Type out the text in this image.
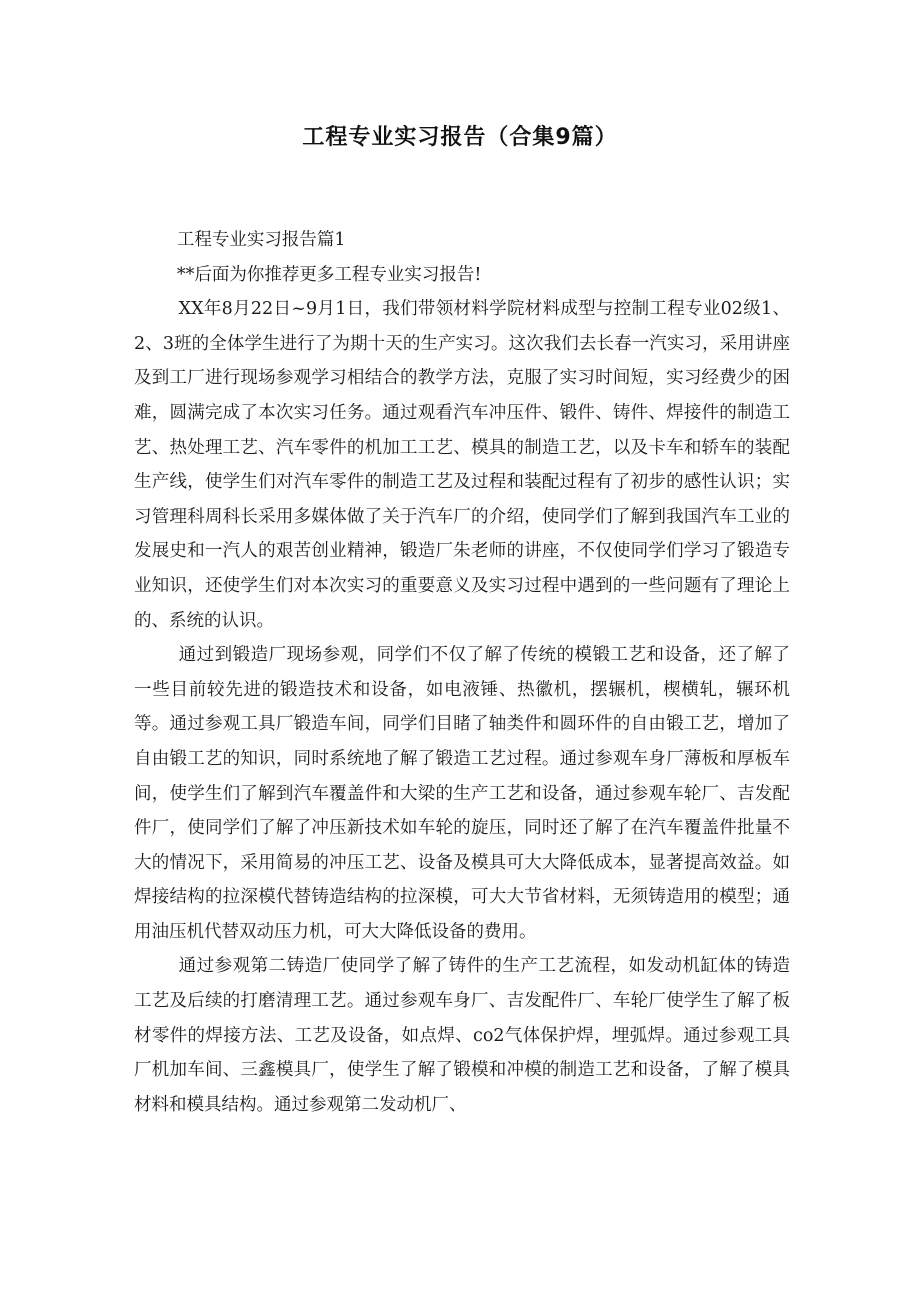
工程专业实习报告（合集9篇）

工程专业实习报告篇1

**后面为你推荐更多工程专业实习报告!

XX年8月22日~9月1日，我们带领材料学院材料成型与控制工程专业02级1、2、3班的全体学生进行了为期十天的生产实习。这次我们去长春一汽实习，采用讲座及到工厂进行现场参观学习相结合的教学方法，克服了实习时间短，实习经费少的困难，圆满完成了本次实习任务。通过观看汽车冲压件、锻件、铸件、焊接件的制造工艺、热处理工艺、汽车零件的机加工工艺、模具的制造工艺，以及卡车和轿车的装配生产线，使学生们对汽车零件的制造工艺及过程和装配过程有了初步的感性认识；实习管理科周科长采用多媒体做了关于汽车厂的介绍，使同学们了解到我国汽车工业的发展史和一汽人的艰苦创业精神，锻造厂朱老师的讲座，不仅使同学们学习了锻造专业知识，还使学生们对本次实习的重要意义及实习过程中遇到的一些问题有了理论上的、系统的认识。

通过到锻造厂现场参观，同学们不仅了解了传统的模锻工艺和设备，还了解了一些目前较先进的锻造技术和设备，如电液锤、热徽机，摆辗机，楔横轧，辗环机等。通过参观工具厂锻造车间，同学们目睹了轴类件和圆环件的自由锻工艺，增加了自由锻工艺的知识，同时系统地了解了锻造工艺过程。通过参观车身厂薄板和厚板车间，使学生们了解到汽车覆盖件和大梁的生产工艺和设备，通过参观车轮厂、吉发配件厂，使同学们了解了冲压新技术如车轮的旋压，同时还了解了在汽车覆盖件批量不大的情况下，采用简易的冲压工艺、设备及模具可大大降低成本，显著提高效益。如焊接结构的拉深模代替铸造结构的拉深模，可大大节省材料，无须铸造用的模型；通用油压机代替双动压力机，可大大降低设备的费用。

通过参观第二铸造厂使同学了解了铸件的生产工艺流程，如发动机缸体的铸造工艺及后续的打磨清理工艺。通过参观车身厂、吉发配件厂、车轮厂使学生了解了板材零件的焊接方法、工艺及设备，如点焊、co2气体保护焊，埋弧焊。通过参观工具厂机加车间、三鑫模具厂，使学生了解了锻模和冲模的制造工艺和设备，了解了模具材料和模具结构。通过参观第二发动机厂、
